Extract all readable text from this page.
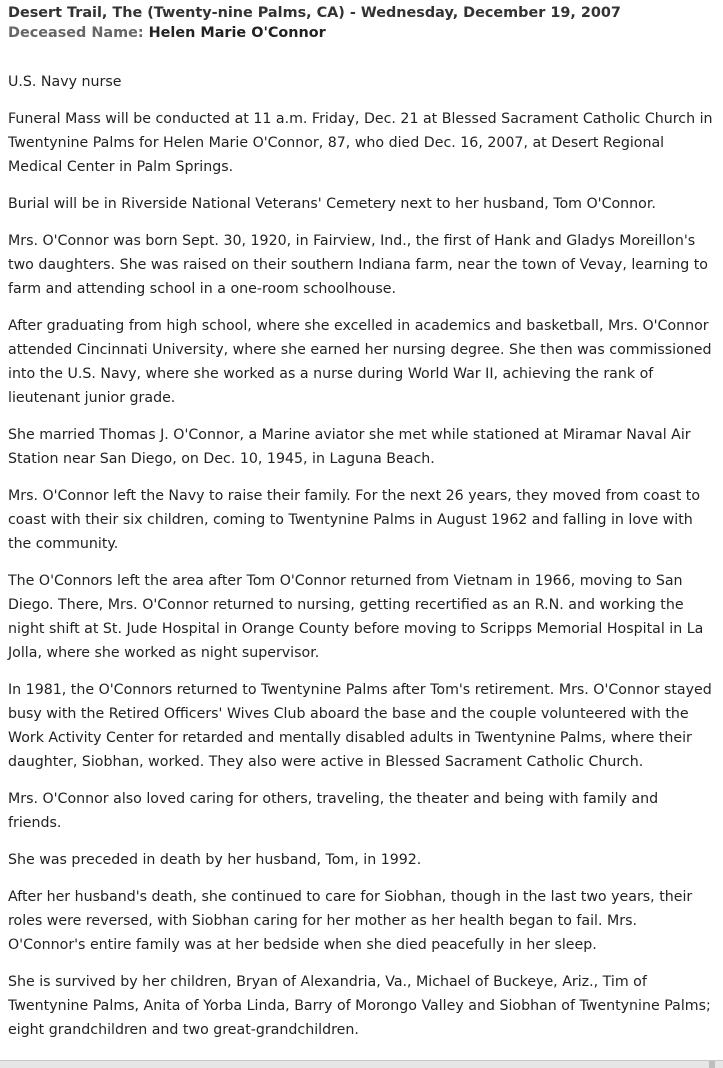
Desert Trail, The (Twenty-nine Palms, CA) - Wednesday, December 19, 2007
Deceased Name: Helen Marie O'Connor

U.S. Navy nurse

Funeral Mass will be conducted at 11 a.m. Friday, Dec. 21 at Blessed Sacrament Catholic Church in Twentynine Palms for Helen Marie O'Connor, 87, who died Dec. 16, 2007, at Desert Regional Medical Center in Palm Springs.

Burial will be in Riverside National Veterans' Cemetery next to her husband, Tom O'Connor.

Mrs. O'Connor was born Sept. 30, 1920, in Fairview, Ind., the first of Hank and Gladys Moreillon's two daughters. She was raised on their southern Indiana farm, near the town of Vevay, learning to farm and attending school in a one-room schoolhouse.

After graduating from high school, where she excelled in academics and basketball, Mrs. O'Connor attended Cincinnati University, where she earned her nursing degree. She then was commissioned into the U.S. Navy, where she worked as a nurse during World War II, achieving the rank of lieutenant junior grade.

She married Thomas J. O'Connor, a Marine aviator she met while stationed at Miramar Naval Air Station near San Diego, on Dec. 10, 1945, in Laguna Beach.

Mrs. O'Connor left the Navy to raise their family. For the next 26 years, they moved from coast to coast with their six children, coming to Twentynine Palms in August 1962 and falling in love with the community.

The O'Connors left the area after Tom O'Connor returned from Vietnam in 1966, moving to San Diego. There, Mrs. O'Connor returned to nursing, getting recertified as an R.N. and working the night shift at St. Jude Hospital in Orange County before moving to Scripps Memorial Hospital in La Jolla, where she worked as night supervisor.

In 1981, the O'Connors returned to Twentynine Palms after Tom's retirement. Mrs. O'Connor stayed busy with the Retired Officers' Wives Club aboard the base and the couple volunteered with the Work Activity Center for retarded and mentally disabled adults in Twentynine Palms, where their daughter, Siobhan, worked. They also were active in Blessed Sacrament Catholic Church.

Mrs. O'Connor also loved caring for others, traveling, the theater and being with family and friends.

She was preceded in death by her husband, Tom, in 1992.

After her husband's death, she continued to care for Siobhan, though in the last two years, their roles were reversed, with Siobhan caring for her mother as her health began to fail. Mrs. O'Connor's entire family was at her bedside when she died peacefully in her sleep.

She is survived by her children, Bryan of Alexandria, Va., Michael of Buckeye, Ariz., Tim of Twentynine Palms, Anita of Yorba Linda, Barry of Morongo Valley and Siobhan of Twentynine Palms; eight grandchildren and two great-grandchildren.
